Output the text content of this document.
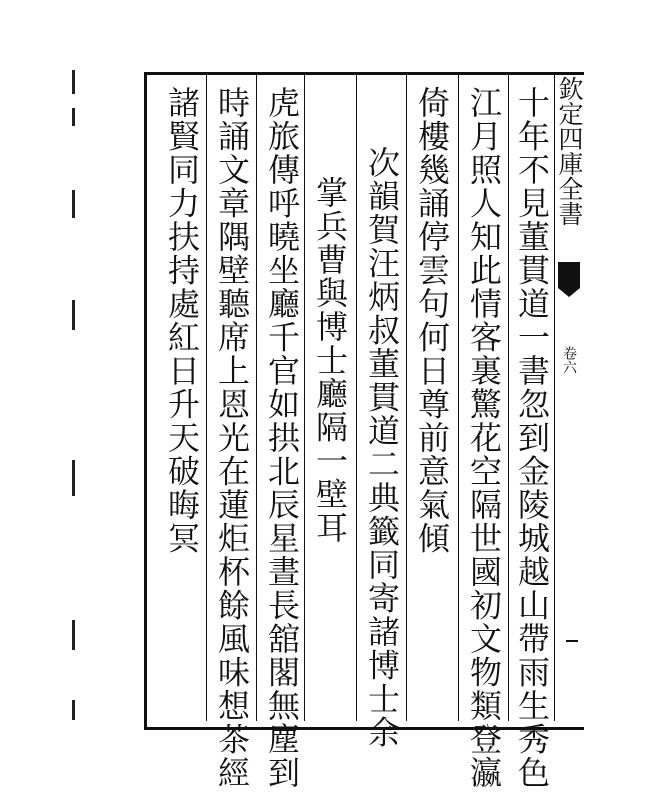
欽定四庫全書
卷六
十年不見董貫道一書忽到金陵城越山帶雨生秀色
江月照人知此情客裏驚花空隔世國初文物類登瀛
倚樓幾誦停雲句何日尊前意氣傾
次韻賀汪炳叔董貫道二典籤同寄諸博士余
掌兵曹與博士廳隔一壁耳
虎旅傳呼曉坐廳千官如拱北辰星晝長舘閣無塵到
時誦文章隅壁聽席上恩光在蓮炬杯餘風味想茶經
諸賢同力扶持處紅日升天破晦冥
